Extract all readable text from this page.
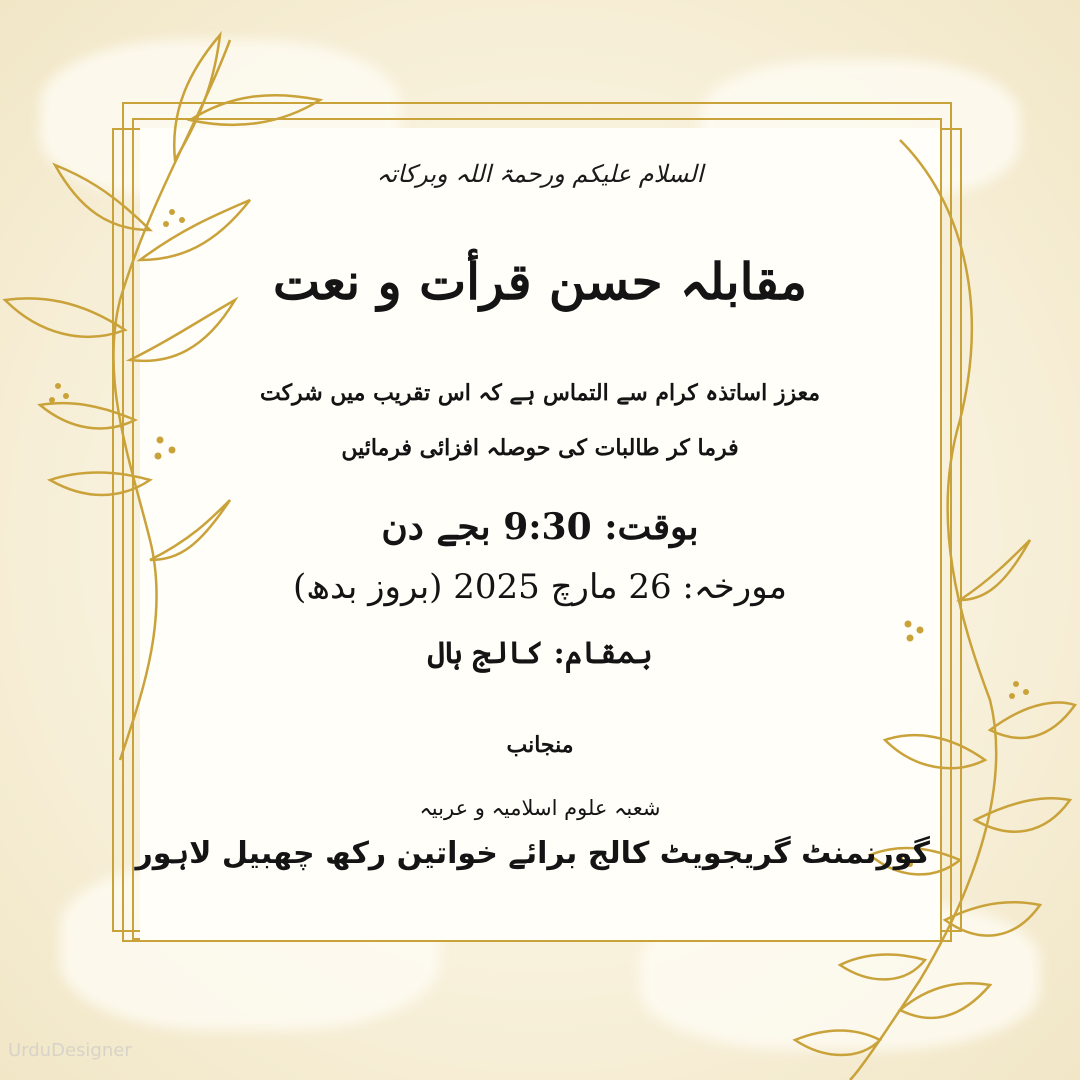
السلام علیکم ورحمۃ اللہ وبرکاتہ
مقابلہ حسن قرأت و نعت
معزز اساتذہ کرام سے التماس ہے کہ اس تقریب میں شرکت
فرما کر طالبات کی حوصلہ افزائی فرمائیں
بوقت: 9:30 بجے دن
مورخہ: 26 مارچ 2025 (بروز بدھ)
بمقام: کالج ہال
منجانب
شعبہ علوم اسلامیہ و عربیہ
گورنمنٹ گریجویٹ کالج برائے خواتین رکھ چھبیل لاہور
UrduDesigner
